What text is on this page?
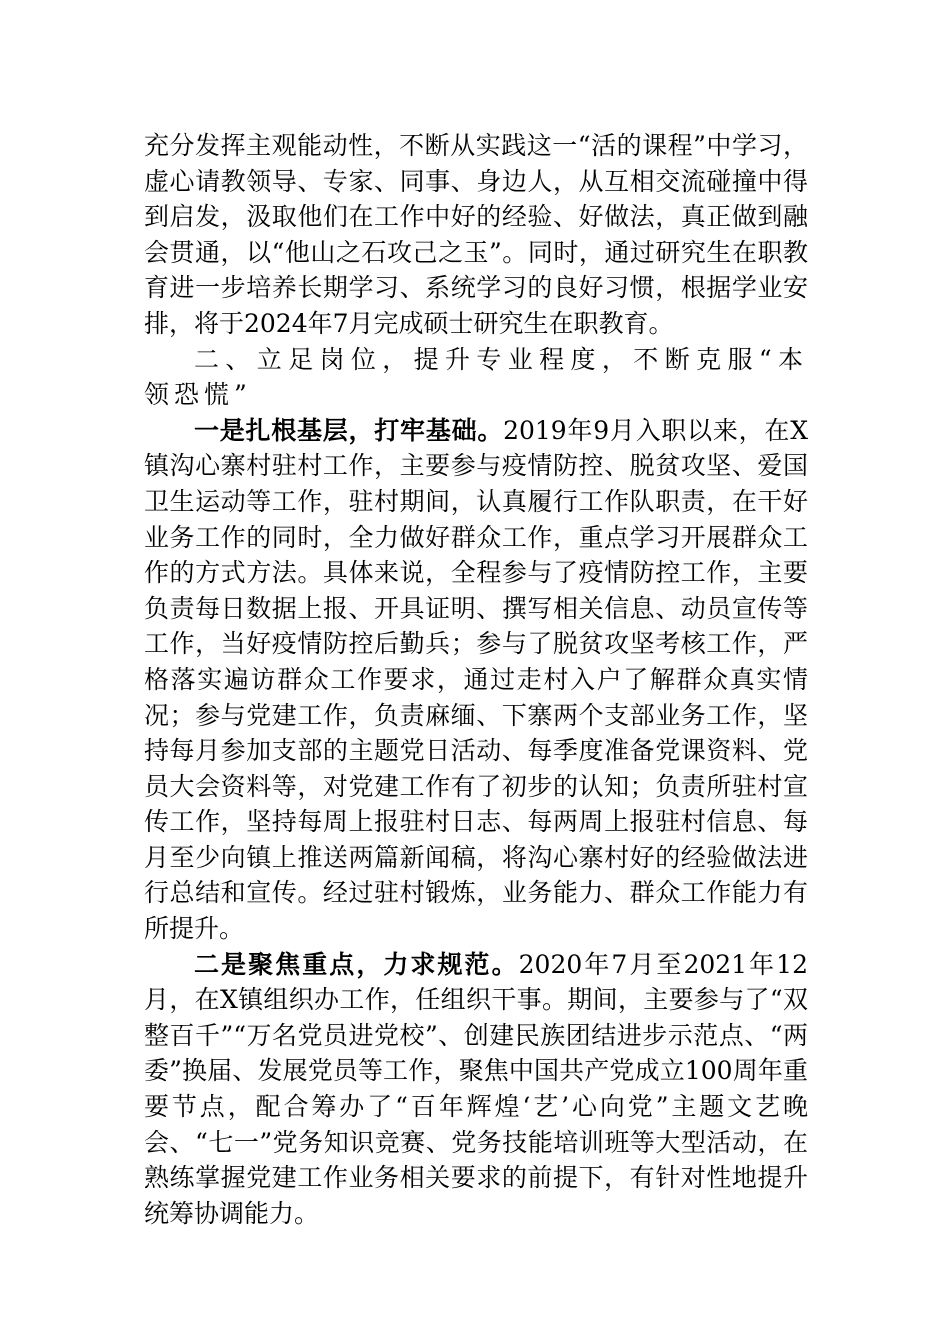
充分发挥主观能动性，不断从实践这一“活的课程”中学习，虚心请教领导、专家、同事、身边人，从互相交流碰撞中得到启发，汲取他们在工作中好的经验、好做法，真正做到融会贯通，以“他山之石攻己之玉”。同时，通过研究生在职教育进一步培养长期学习、系统学习的良好习惯，根据学业安排，将于2024年7月完成硕士研究生在职教育。

二、立足岗位，提升专业程度，不断克服“本领恐慌”

一是扎根基层，打牢基础。2019年9月入职以来，在X镇沟心寨村驻村工作，主要参与疫情防控、脱贫攻坚、爱国卫生运动等工作，驻村期间，认真履行工作队职责，在干好业务工作的同时，全力做好群众工作，重点学习开展群众工作的方式方法。具体来说，全程参与了疫情防控工作，主要负责每日数据上报、开具证明、撰写相关信息、动员宣传等工作，当好疫情防控后勤兵；参与了脱贫攻坚考核工作，严格落实遍访群众工作要求，通过走村入户了解群众真实情况；参与党建工作，负责麻缅、下寨两个支部业务工作，坚持每月参加支部的主题党日活动、每季度准备党课资料、党员大会资料等，对党建工作有了初步的认知；负责所驻村宣传工作，坚持每周上报驻村日志、每两周上报驻村信息、每月至少向镇上推送两篇新闻稿，将沟心寨村好的经验做法进行总结和宣传。经过驻村锻炼，业务能力、群众工作能力有所提升。

二是聚焦重点，力求规范。2020年7月至2021年12月，在X镇组织办工作，任组织干事。期间，主要参与了“双整百千”“万名党员进党校”、创建民族团结进步示范点、“两委”换届、发展党员等工作，聚焦中国共产党成立100周年重要节点，配合筹办了“百年辉煌‘艺’心向党”主题文艺晚会、“七一”党务知识竞赛、党务技能培训班等大型活动，在熟练掌握党建工作业务相关要求的前提下，有针对性地提升统筹协调能力。
